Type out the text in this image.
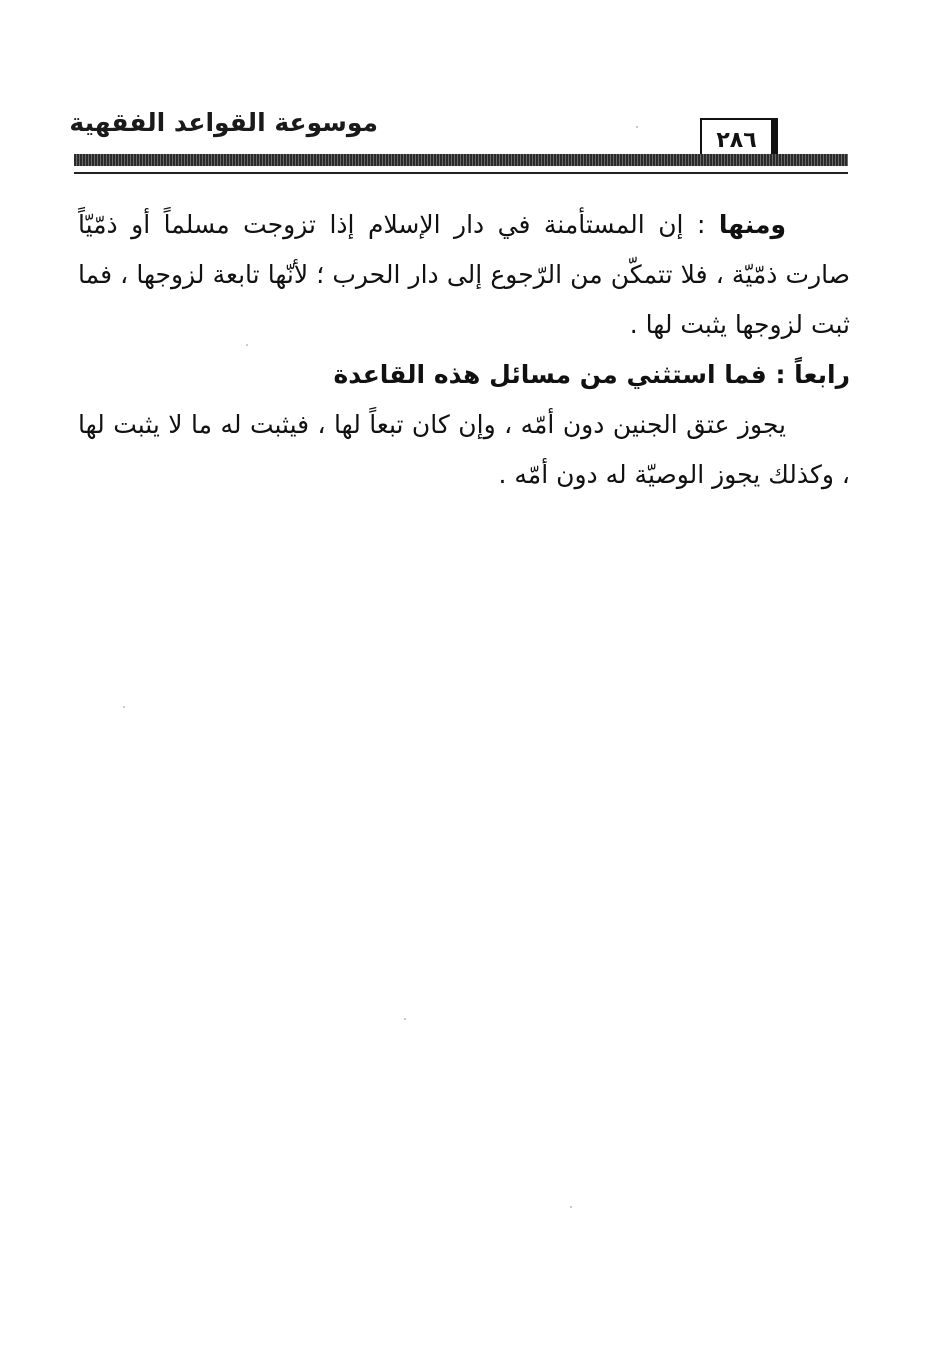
موسوعة القواعد الفقهية
٢٨٦

ومنها : إن المستأمنة في دار الإسلام إذا تزوجت مسلماً أو ذمّيّاً صارت ذمّيّة ، فلا تتمكّن من الرّجوع إلى دار الحرب ؛ لأنّها تابعة لزوجها ، فما ثبت لزوجها يثبت لها .

رابعاً : فما استثني من مسائل هذه القاعدة

يجوز عتق الجنين دون أمّه ، وإن كان تبعاً لها ، فيثبت له ما لا يثبت لها ، وكذلك يجوز الوصيّة له دون أمّه .
